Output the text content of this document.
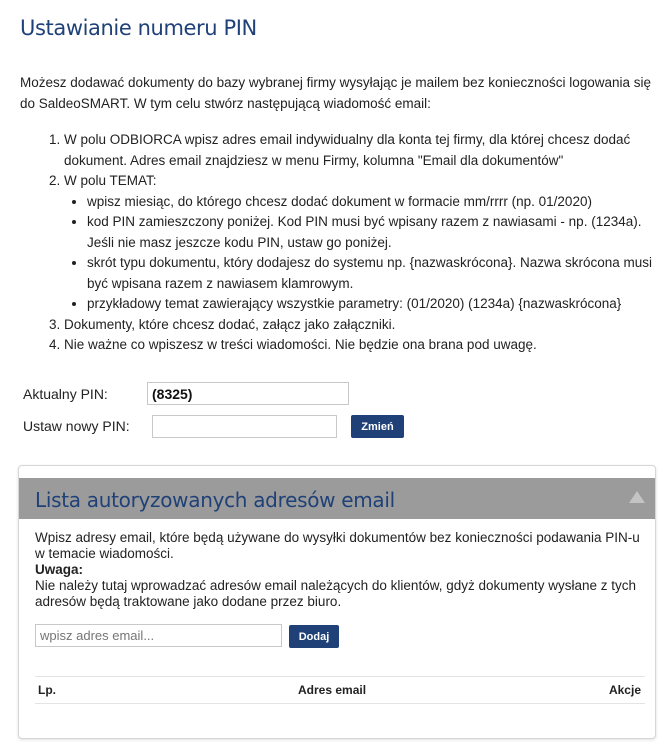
Ustawianie numeru PIN

Możesz dodawać dokumenty do bazy wybranej firmy wysyłając je mailem bez konieczności logowania się do SaldeoSMART. W tym celu stwórz następującą wiadomość email:

1. W polu ODBIORCA wpisz adres email indywidualny dla konta tej firmy, dla której chcesz dodać dokument. Adres email znajdziesz w menu Firmy, kolumna "Email dla dokumentów"
2. W polu TEMAT:
• wpisz miesiąc, do którego chcesz dodać dokument w formacie mm/rrrr (np. 01/2020)
• kod PIN zamieszczony poniżej. Kod PIN musi być wpisany razem z nawiasami - np. (1234a). Jeśli nie masz jeszcze kodu PIN, ustaw go poniżej.
• skrót typu dokumentu, który dodajesz do systemu np. {nazwaskrócona}. Nazwa skrócona musi być wpisana razem z nawiasem klamrowym.
• przykładowy temat zawierający wszystkie parametry: (01/2020) (1234a) {nazwaskrócona}
3. Dokumenty, które chcesz dodać, załącz jako załączniki.
4. Nie ważne co wpiszesz w treści wiadomości. Nie będzie ona brana pod uwagę.
Aktualny PIN:	(8325)
Ustaw nowy PIN:	Zmień
Lista autoryzowanych adresów email
Wpisz adresy email, które będą używane do wysyłki dokumentów bez konieczności podawania PIN-u w temacie wiadomości.
Uwaga:
Nie należy tutaj wprowadzać adresów email należących do klientów, gdyż dokumenty wysłane z tych adresów będą traktowane jako dodane przez biuro.
wpisz adres email...
Dodaj
Lp.	Adres email	Akcje
